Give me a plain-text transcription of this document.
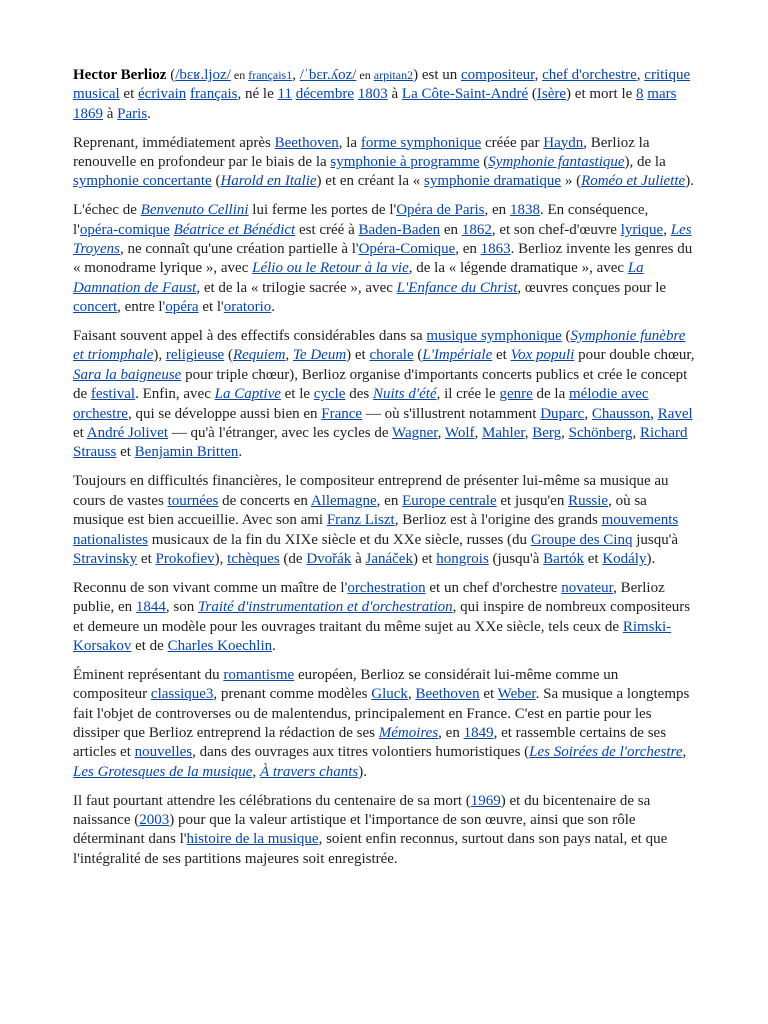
Hector Berlioz (/bɛʁ.ljoz/ en français1, /ˈbɛr.ʎoz/ en arpitan2) est un compositeur, chef d'orchestre, critique musical et écrivain français, né le 11 décembre 1803 à La Côte-Saint-André (Isère) et mort le 8 mars 1869 à Paris.

Reprenant, immédiatement après Beethoven, la forme symphonique créée par Haydn, Berlioz la renouvelle en profondeur par le biais de la symphonie à programme (Symphonie fantastique), de la symphonie concertante (Harold en Italie) et en créant la « symphonie dramatique » (Roméo et Juliette).

L'échec de Benvenuto Cellini lui ferme les portes de l'Opéra de Paris, en 1838. En conséquence, l'opéra-comique Béatrice et Bénédict est créé à Baden-Baden en 1862, et son chef-d'œuvre lyrique, Les Troyens, ne connaît qu'une création partielle à l'Opéra-Comique, en 1863. Berlioz invente les genres du « monodrame lyrique », avec Lélio ou le Retour à la vie, de la « légende dramatique », avec La Damnation de Faust, et de la « trilogie sacrée », avec L'Enfance du Christ, œuvres conçues pour le concert, entre l'opéra et l'oratorio.

Faisant souvent appel à des effectifs considérables dans sa musique symphonique (Symphonie funèbre et triomphale), religieuse (Requiem, Te Deum) et chorale (L'Impériale et Vox populi pour double chœur, Sara la baigneuse pour triple chœur), Berlioz organise d'importants concerts publics et crée le concept de festival. Enfin, avec La Captive et le cycle des Nuits d'été, il crée le genre de la mélodie avec orchestre, qui se développe aussi bien en France — où s'illustrent notamment Duparc, Chausson, Ravel et André Jolivet — qu'à l'étranger, avec les cycles de Wagner, Wolf, Mahler, Berg, Schönberg, Richard Strauss et Benjamin Britten.

Toujours en difficultés financières, le compositeur entreprend de présenter lui-même sa musique au cours de vastes tournées de concerts en Allemagne, en Europe centrale et jusqu'en Russie, où sa musique est bien accueillie. Avec son ami Franz Liszt, Berlioz est à l'origine des grands mouvements nationalistes musicaux de la fin du XIXe siècle et du XXe siècle, russes (du Groupe des Cinq jusqu'à Stravinsky et Prokofiev), tchèques (de Dvořák à Janáček) et hongrois (jusqu'à Bartók et Kodály).

Reconnu de son vivant comme un maître de l'orchestration et un chef d'orchestre novateur, Berlioz publie, en 1844, son Traité d'instrumentation et d'orchestration, qui inspire de nombreux compositeurs et demeure un modèle pour les ouvrages traitant du même sujet au XXe siècle, tels ceux de Rimski-Korsakov et de Charles Koechlin.

Éminent représentant du romantisme européen, Berlioz se considérait lui-même comme un compositeur classique3, prenant comme modèles Gluck, Beethoven et Weber. Sa musique a longtemps fait l'objet de controverses ou de malentendus, principalement en France. C'est en partie pour les dissiper que Berlioz entreprend la rédaction de ses Mémoires, en 1849, et rassemble certains de ses articles et nouvelles, dans des ouvrages aux titres volontiers humoristiques (Les Soirées de l'orchestre, Les Grotesques de la musique, À travers chants).

Il faut pourtant attendre les célébrations du centenaire de sa mort (1969) et du bicentenaire de sa naissance (2003) pour que la valeur artistique et l'importance de son œuvre, ainsi que son rôle déterminant dans l'histoire de la musique, soient enfin reconnus, surtout dans son pays natal, et que l'intégralité de ses partitions majeures soit enregistrée.
